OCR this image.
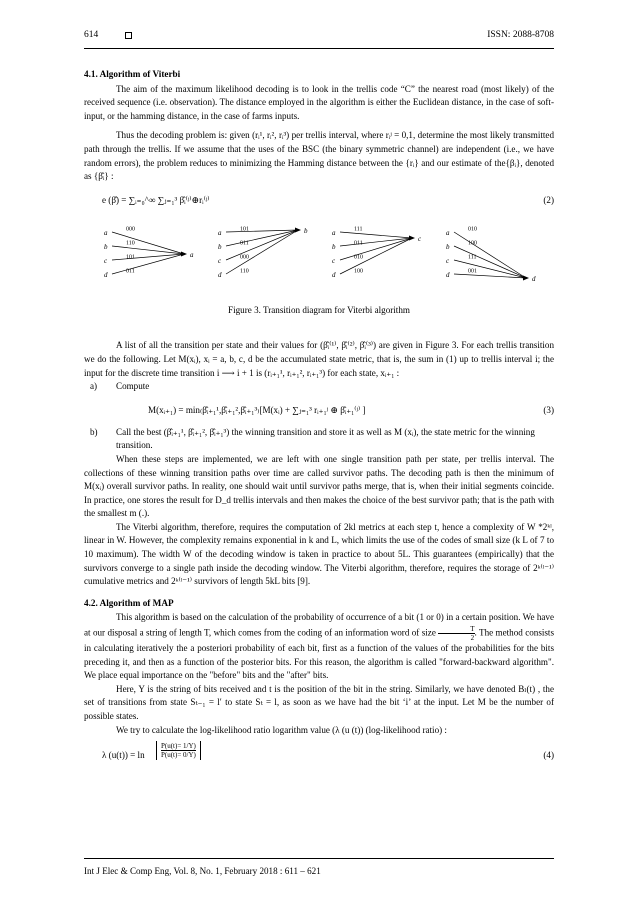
614	ISSN: 2088-8708
4.1. Algorithm of Viterbi

The aim of the maximum likelihood decoding is to look in the trellis code “C” the nearest road (most likely) of the received sequence (i.e. observation). The distance employed in the algorithm is either the Euclidean distance, in the case of soft-input, or the hamming distance, in the case of farms inputs.

Thus the decoding problem is: given (rᵢ¹, rᵢ², rᵢ³) per trellis interval, where rᵢʲ = 0,1, determine the most likely transmitted path through the trellis. If we assume that the uses of the BSC (the binary symmetric channel) are independent (i.e., we have random errors), the problem reduces to minimizing the Hamming distance between the {rᵢ} and our estimate of the{βᵢ}, denoted as {β̂ᵢ} :

e (β̂) = ∑ᵢ₌₀^∞ ∑ⱼ₌₁³ β̂ᵢ⁽ʲ⁾⊕rᵢ⁽ʲ⁾	(2)
a	000
b	110
c	101
d	011
a
a	101
b	011
c	000
d	110
b	a	111
b	011
c	010
d	100
c
a	010
b	100
c	111
d	001
d

Figure 3. Transition diagram for Viterbi algorithm

A list of all the transition per state and their values for (β̂ᵢ⁽¹⁾, β̂ᵢ⁽²⁾, β̂ᵢ⁽³⁾) are given in Figure 3. For each trellis transition we do the following. Let M(xᵢ), xᵢ = a, b, c, d be the accumulated state metric, that is, the sum in (1) up to trellis interval i; the input for the discrete time transition i ⟶ i + 1 is (rᵢ₊₁¹, rᵢ₊₁², rᵢ₊₁³) for each state, xᵢ₊₁ :

a) Compute
M(xᵢ₊₁) = min₍β̂ᵢ₊₁¹,β̂ᵢ₊₁²,β̂ᵢ₊₁³₎[M(xᵢ) + ∑ⱼ₌₁³ rᵢ₊₁ʲ ⊕ β̂ᵢ₊₁⁽ʲ⁾ ]	(3)
b) Call the best (β̂ᵢ₊₁¹, β̂ᵢ₊₁², β̂ᵢ₊₁³) the winning transition and store it as well as M (xᵢ), the state metric for the winning transition.

When these steps are implemented, we are left with one single transition path per state, per trellis interval. The collections of these winning transition paths over time are called survivor paths. The decoding path is then the minimum of M(xᵢ) overall survivor paths. In reality, one should wait until survivor paths merge, that is, when their initial segments coincide. In practice, one stores the result for D_d trellis intervals and then makes the choice of the best survivor path; that is the path with the smallest m (.).

The Viterbi algorithm, therefore, requires the computation of 2kl metrics at each step t, hence a complexity of W *2ᵏˡ, linear in W. However, the complexity remains exponential in k and L, which limits the use of the codes of small size (k L of 7 to 10 maximum). The width W of the decoding window is taken in practice to about 5L. This guarantees (empirically) that the survivors converge to a single path inside the decoding window. The Viterbi algorithm, therefore, requires the storage of 2ᵏ⁽ˡ⁻¹⁾ cumulative metrics and 2ᵏ⁽ˡ⁻¹⁾ survivors of length 5kL bits [9].

4.2. Algorithm of MAP

This algorithm is based on the calculation of the probability of occurrence of a bit (1 or 0) in a certain position. We have at our disposal a string of length T, which comes from the coding of an information word of size $\frac{T}{2}$ . The method consists in calculating iteratively the a posteriori probability of each bit, first as a function of the values of the probabilities for the bits preceding it, and then as a function of the posterior bits. For this reason, the algorithm is called "forward-backward algorithm". We place equal importance on the "before" bits and the "after" bits.

Here, Y is the string of bits received and t is the position of the bit in the string. Similarly, we have denoted Bₗ(t) , the set of transitions from state Sₜ₋₁ = l′ to state Sₜ = l, as soon as we have had the bit ‘i’ at the input. Let M be the number of possible states.

We try to calculate the log-likelihood ratio logarithm value (λ (u (t)) (log-likelihood ratio) :

λ $(u(t)) = \ln \frac{P(u(t)= 1/Y)}{P(u(t)= 0/Y)}$	(4)
Int J Elec & Comp Eng, Vol. 8, No. 1, February 2018 : 611 – 621
